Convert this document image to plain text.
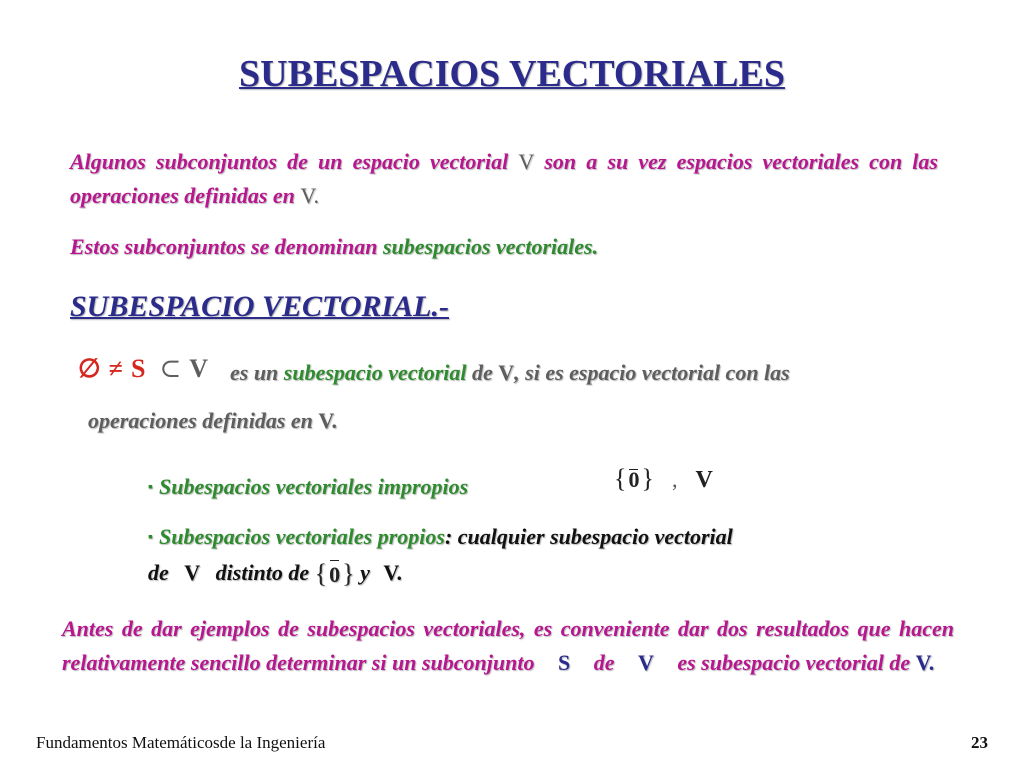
SUBESPACIOS VECTORIALES
Algunos subconjuntos de un espacio vectorial V son a su vez espacios vectoriales con las operaciones definidas en V.
Estos subconjuntos se denominan subespacios vectoriales.
SUBESPACIO VECTORIAL.-
∅ ≠ S ⊂ V es un subespacio vectorial de V, si es espacio vectorial con las
operaciones definidas en V.
▪ Subespacios vectoriales impropios	{
0} , V
▪ Subespacios vectoriales propios: cualquier subespacio vectorial
de V distinto de {
0} y V.
Antes de dar ejemplos de subespacios vectoriales, es conveniente dar dos resultados que hacen relativamente sencillo determinar si un subconjunto S de V es subespacio vectorial de V.
Fundamentos Matemáticosde la Ingeniería	23
